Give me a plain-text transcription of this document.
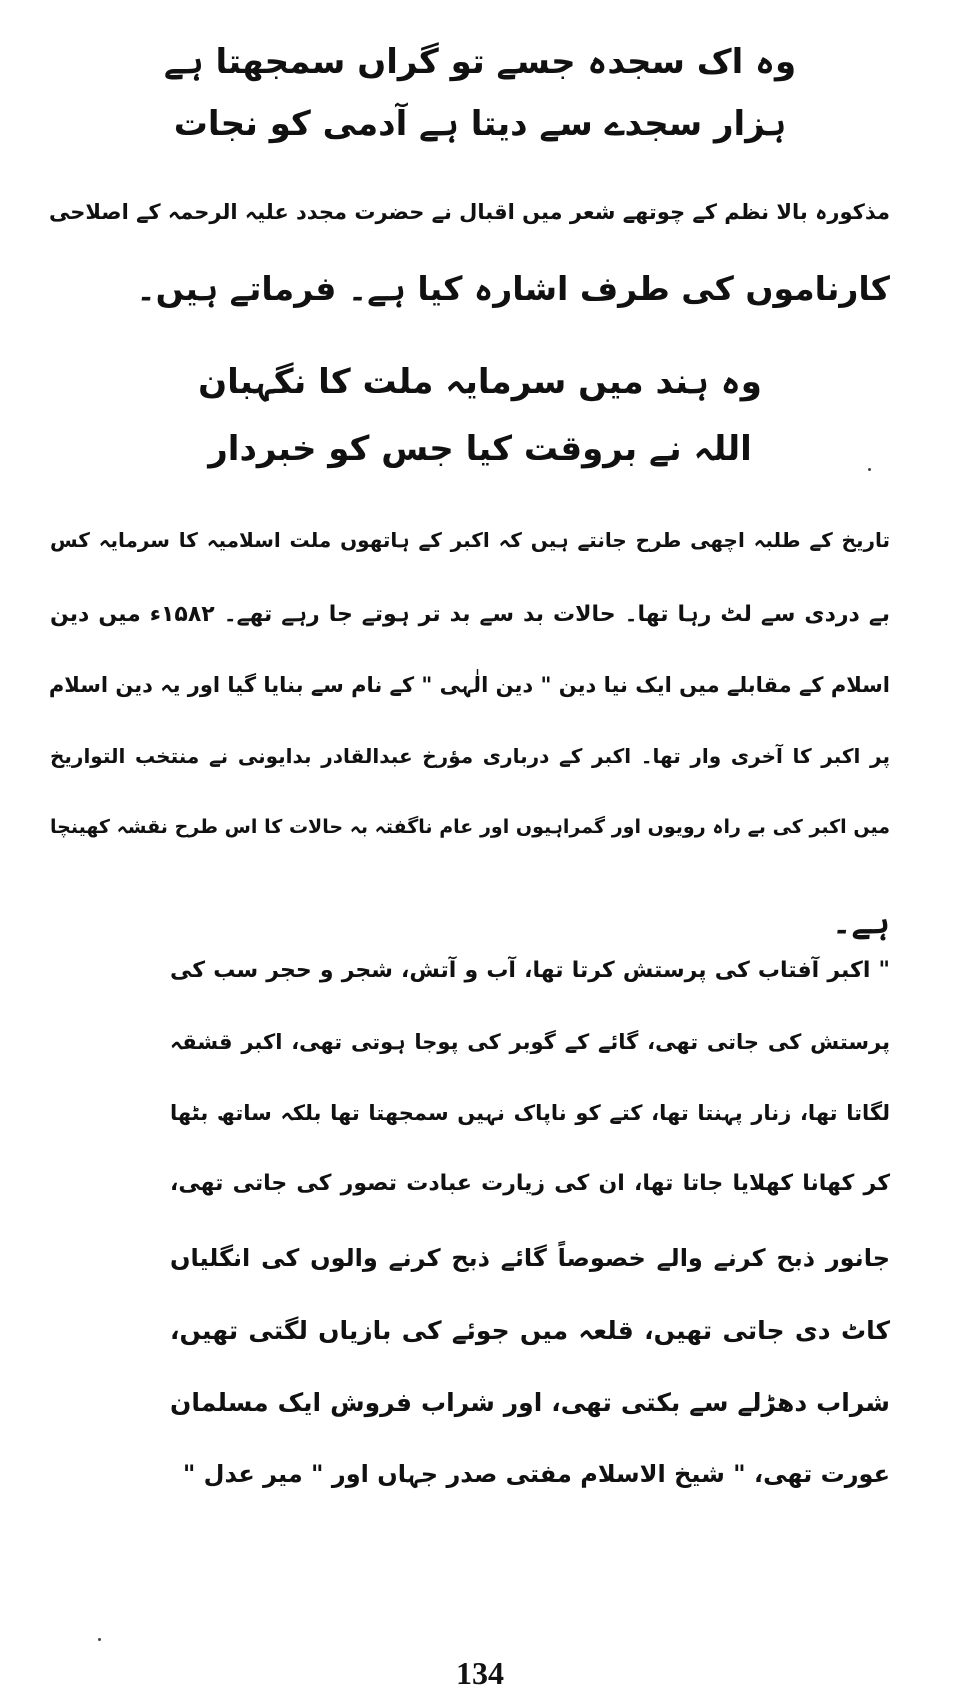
وہ اک سجدہ جسے تو گراں سمجھتا ہے
ہزار سجدے سے دیتا ہے آدمی کو نجات
مذکورہ بالا نظم کے چوتھے شعر میں اقبال نے حضرت مجدد علیہ الرحمہ کے اصلاحی
کارناموں کی طرف اشارہ کیا ہے۔ فرماتے ہیں۔
وہ ہند میں سرمایہ ملت کا نگہبان
اللہ نے بروقت کیا جس کو خبردار
تاریخ کے طلبہ اچھی طرح جانتے ہیں کہ اکبر کے ہاتھوں ملت اسلامیہ کا سرمایہ کس
بے دردی سے لٹ رہا تھا۔ حالات بد سے بد تر ہوتے جا رہے تھے۔ ۱۵۸۲ء میں دین
اسلام کے مقابلے میں ایک نیا دین " دین الٰہی " کے نام سے بنایا گیا اور یہ دین اسلام
پر اکبر کا آخری وار تھا۔ اکبر کے درباری مؤرخ عبدالقادر بدایونی نے منتخب التواریخ
میں اکبر کی بے راہ رویوں اور گمراہیوں اور عام ناگفتہ بہ حالات کا اس طرح نقشہ کھینچا
ہے۔
" اکبر آفتاب کی پرستش کرتا تھا، آب و آتش، شجر و حجر سب کی
پرستش کی جاتی تھی، گائے کے گوبر کی پوجا ہوتی تھی، اکبر قشقہ
لگاتا تھا، زنار پہنتا تھا، کتے کو ناپاک نہیں سمجھتا تھا بلکہ ساتھ بٹھا
کر کھانا کھلایا جاتا تھا، ان کی زیارت عبادت تصور کی جاتی تھی،
جانور ذبح کرنے والے خصوصاً گائے ذبح کرنے والوں کی انگلیاں
کاٹ دی جاتی تھیں، قلعہ میں جوئے کی بازیاں لگتی تھیں،
شراب دھڑلے سے بکتی تھی، اور شراب فروش ایک مسلمان
عورت تھی، " شیخ الاسلام مفتی صدر جہاں اور " میر عدل "
134
